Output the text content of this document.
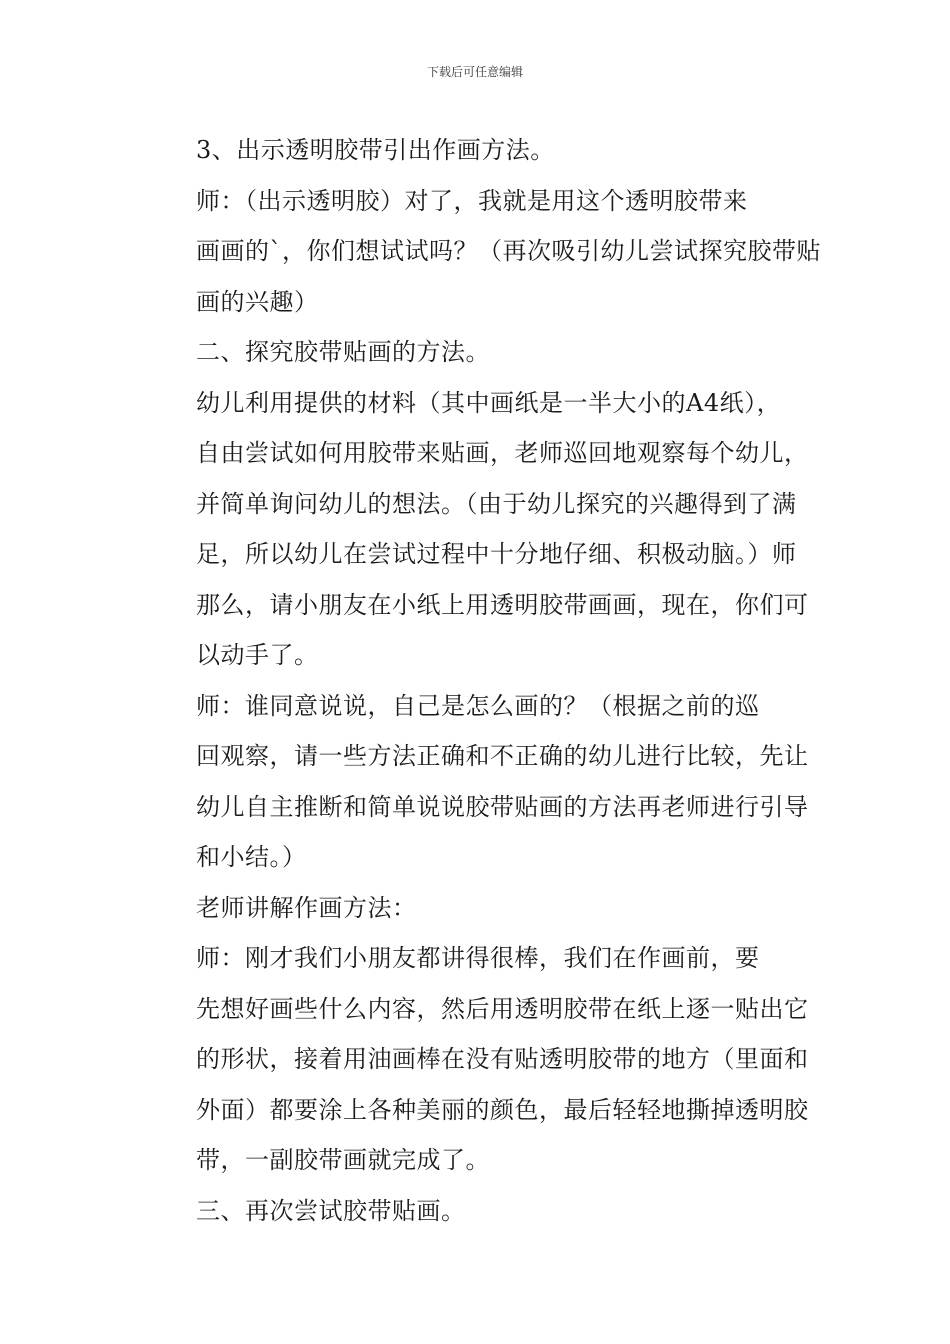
下载后可任意编辑

3、出示透明胶带引出作画方法。

师：（出示透明胶）对了，我就是用这个透明胶带来
画画的`，你们想试试吗？（再次吸引幼儿尝试探究胶带贴
画的兴趣）

二、探究胶带贴画的方法。

幼儿利用提供的材料（其中画纸是一半大小的A4纸），
自由尝试如何用胶带来贴画，老师巡回地观察每个幼儿，
并简单询问幼儿的想法。（由于幼儿探究的兴趣得到了满
足，所以幼儿在尝试过程中十分地仔细、积极动脑。）师
那么，请小朋友在小纸上用透明胶带画画，现在，你们可
以动手了。

师：谁同意说说，自己是怎么画的？（根据之前的巡
回观察，请一些方法正确和不正确的幼儿进行比较，先让
幼儿自主推断和简单说说胶带贴画的方法再老师进行引导
和小结。）

老师讲解作画方法：

师：刚才我们小朋友都讲得很棒，我们在作画前，要
先想好画些什么内容，然后用透明胶带在纸上逐一贴出它
的形状，接着用油画棒在没有贴透明胶带的地方（里面和
外面）都要涂上各种美丽的颜色，最后轻轻地撕掉透明胶
带，一副胶带画就完成了。

三、再次尝试胶带贴画。
